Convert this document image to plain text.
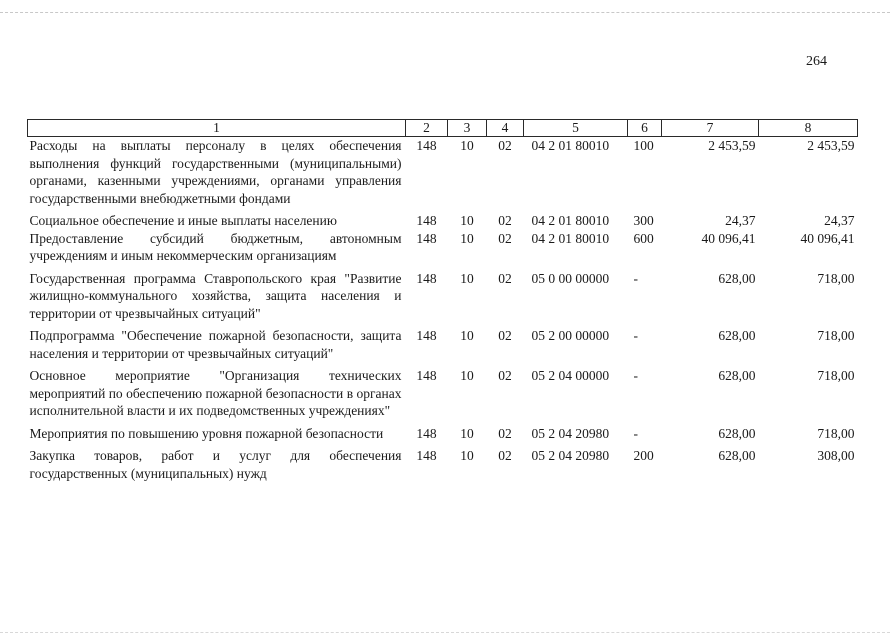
264
1	2	3	4	5	6	7	8
Расходы на выплаты персоналу в целях обеспечения выполнения функций государственными (муниципальными) органами, казенными учреждениями, органами управления государственными внебюджетными фондами	148	10	02	04 2 01 80010	100	2 453,59	2 453,59

Социальное обеспечение и иные выплаты населению	148	10	02	04 2 01 80010	300	24,37	24,37
Предоставление субсидий бюджетным, автономным учреждениям и иным некоммерческим организациям	148	10	02	04 2 01 80010	600	40 096,41	40 096,41

Государственная программа Ставропольского края "Развитие жилищно-коммунального хозяйства, защита населения и территории от чрезвычайных ситуаций"	148	10	02	05 0 00 00000	-	628,00	718,00

Подпрограмма "Обеспечение пожарной безопасности, защита населения и территории от чрезвычайных ситуаций"	148	10	02	05 2 00 00000	-	628,00	718,00

Основное мероприятие "Организация технических мероприятий по обеспечению пожарной безопасности в органах исполнительной власти и их подведомственных учреждениях"	148	10	02	05 2 04 00000	-	628,00	718,00

Мероприятия по повышению уровня пожарной безопасности	148	10	02	05 2 04 20980	-	628,00	718,00

Закупка товаров, работ и услуг для обеспечения государственных (муниципальных) нужд	148	10	02	05 2 04 20980	200	628,00	308,00
